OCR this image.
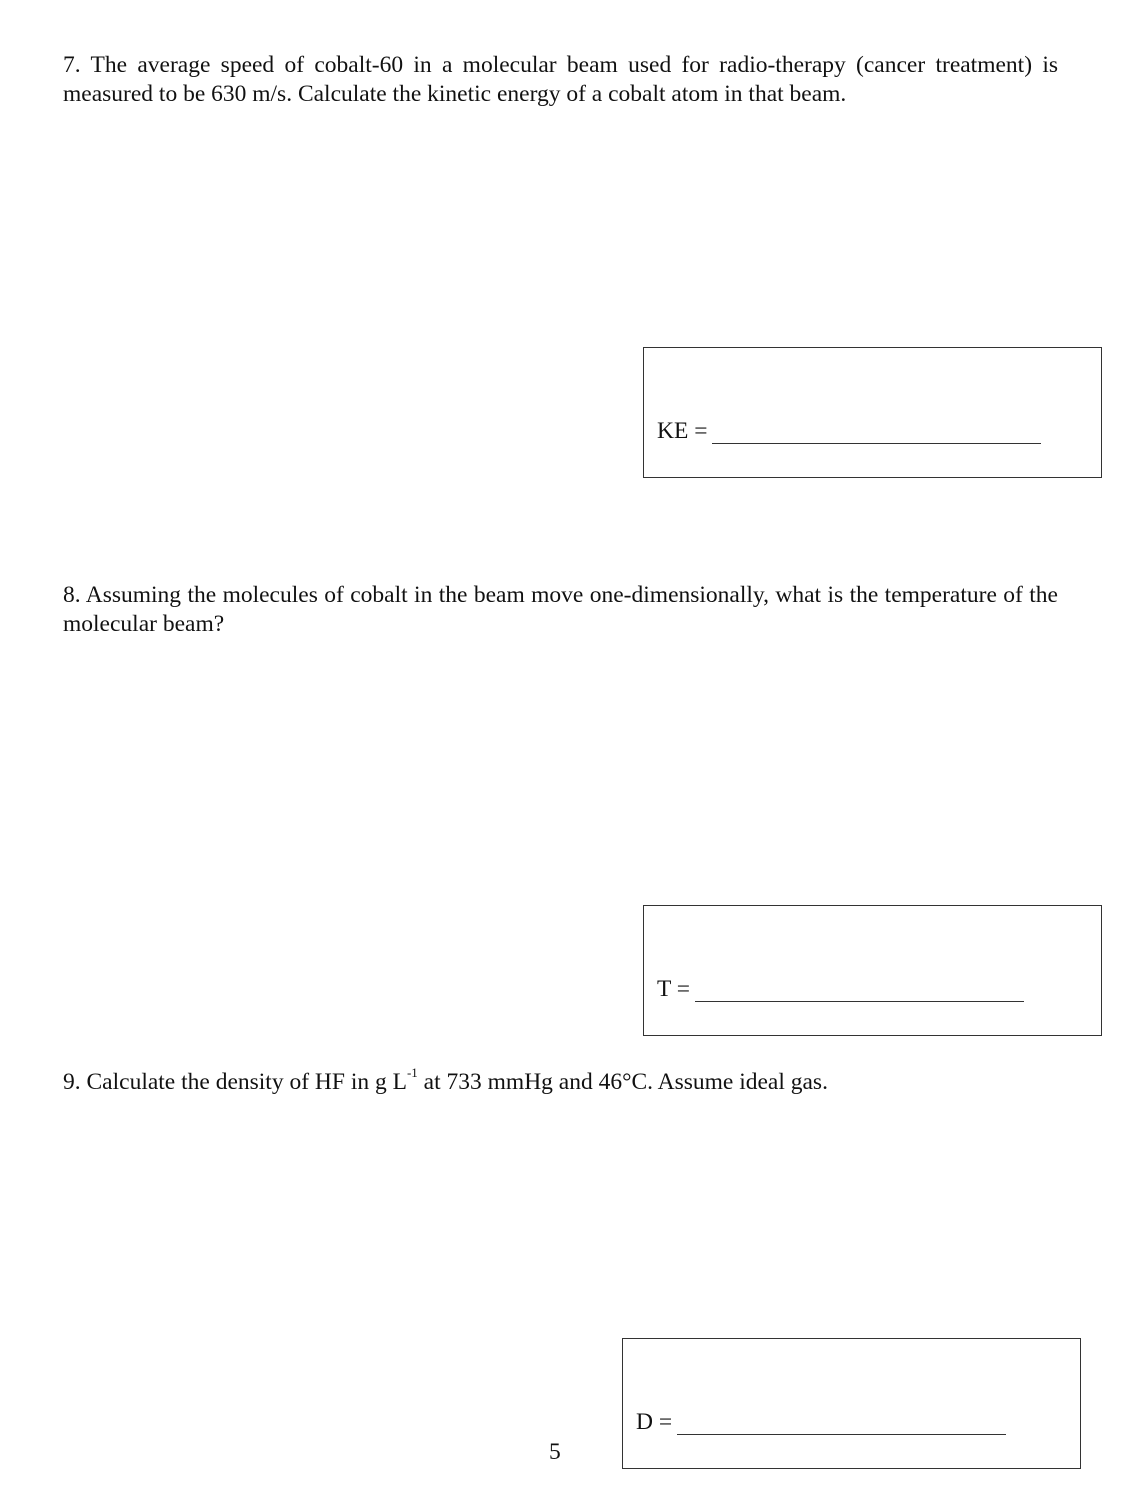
7. The average speed of cobalt-60 in a molecular beam used for radio-therapy (cancer treatment) is measured to be 630 m/s. Calculate the kinetic energy of a cobalt atom in that beam.

KE =

8. Assuming the molecules of cobalt in the beam move one-dimensionally, what is the temperature of the molecular beam?

T =

9. Calculate the density of HF in g $L^{-1}$ at 733 mmHg and 46°C. Assume ideal gas.

D =
5
